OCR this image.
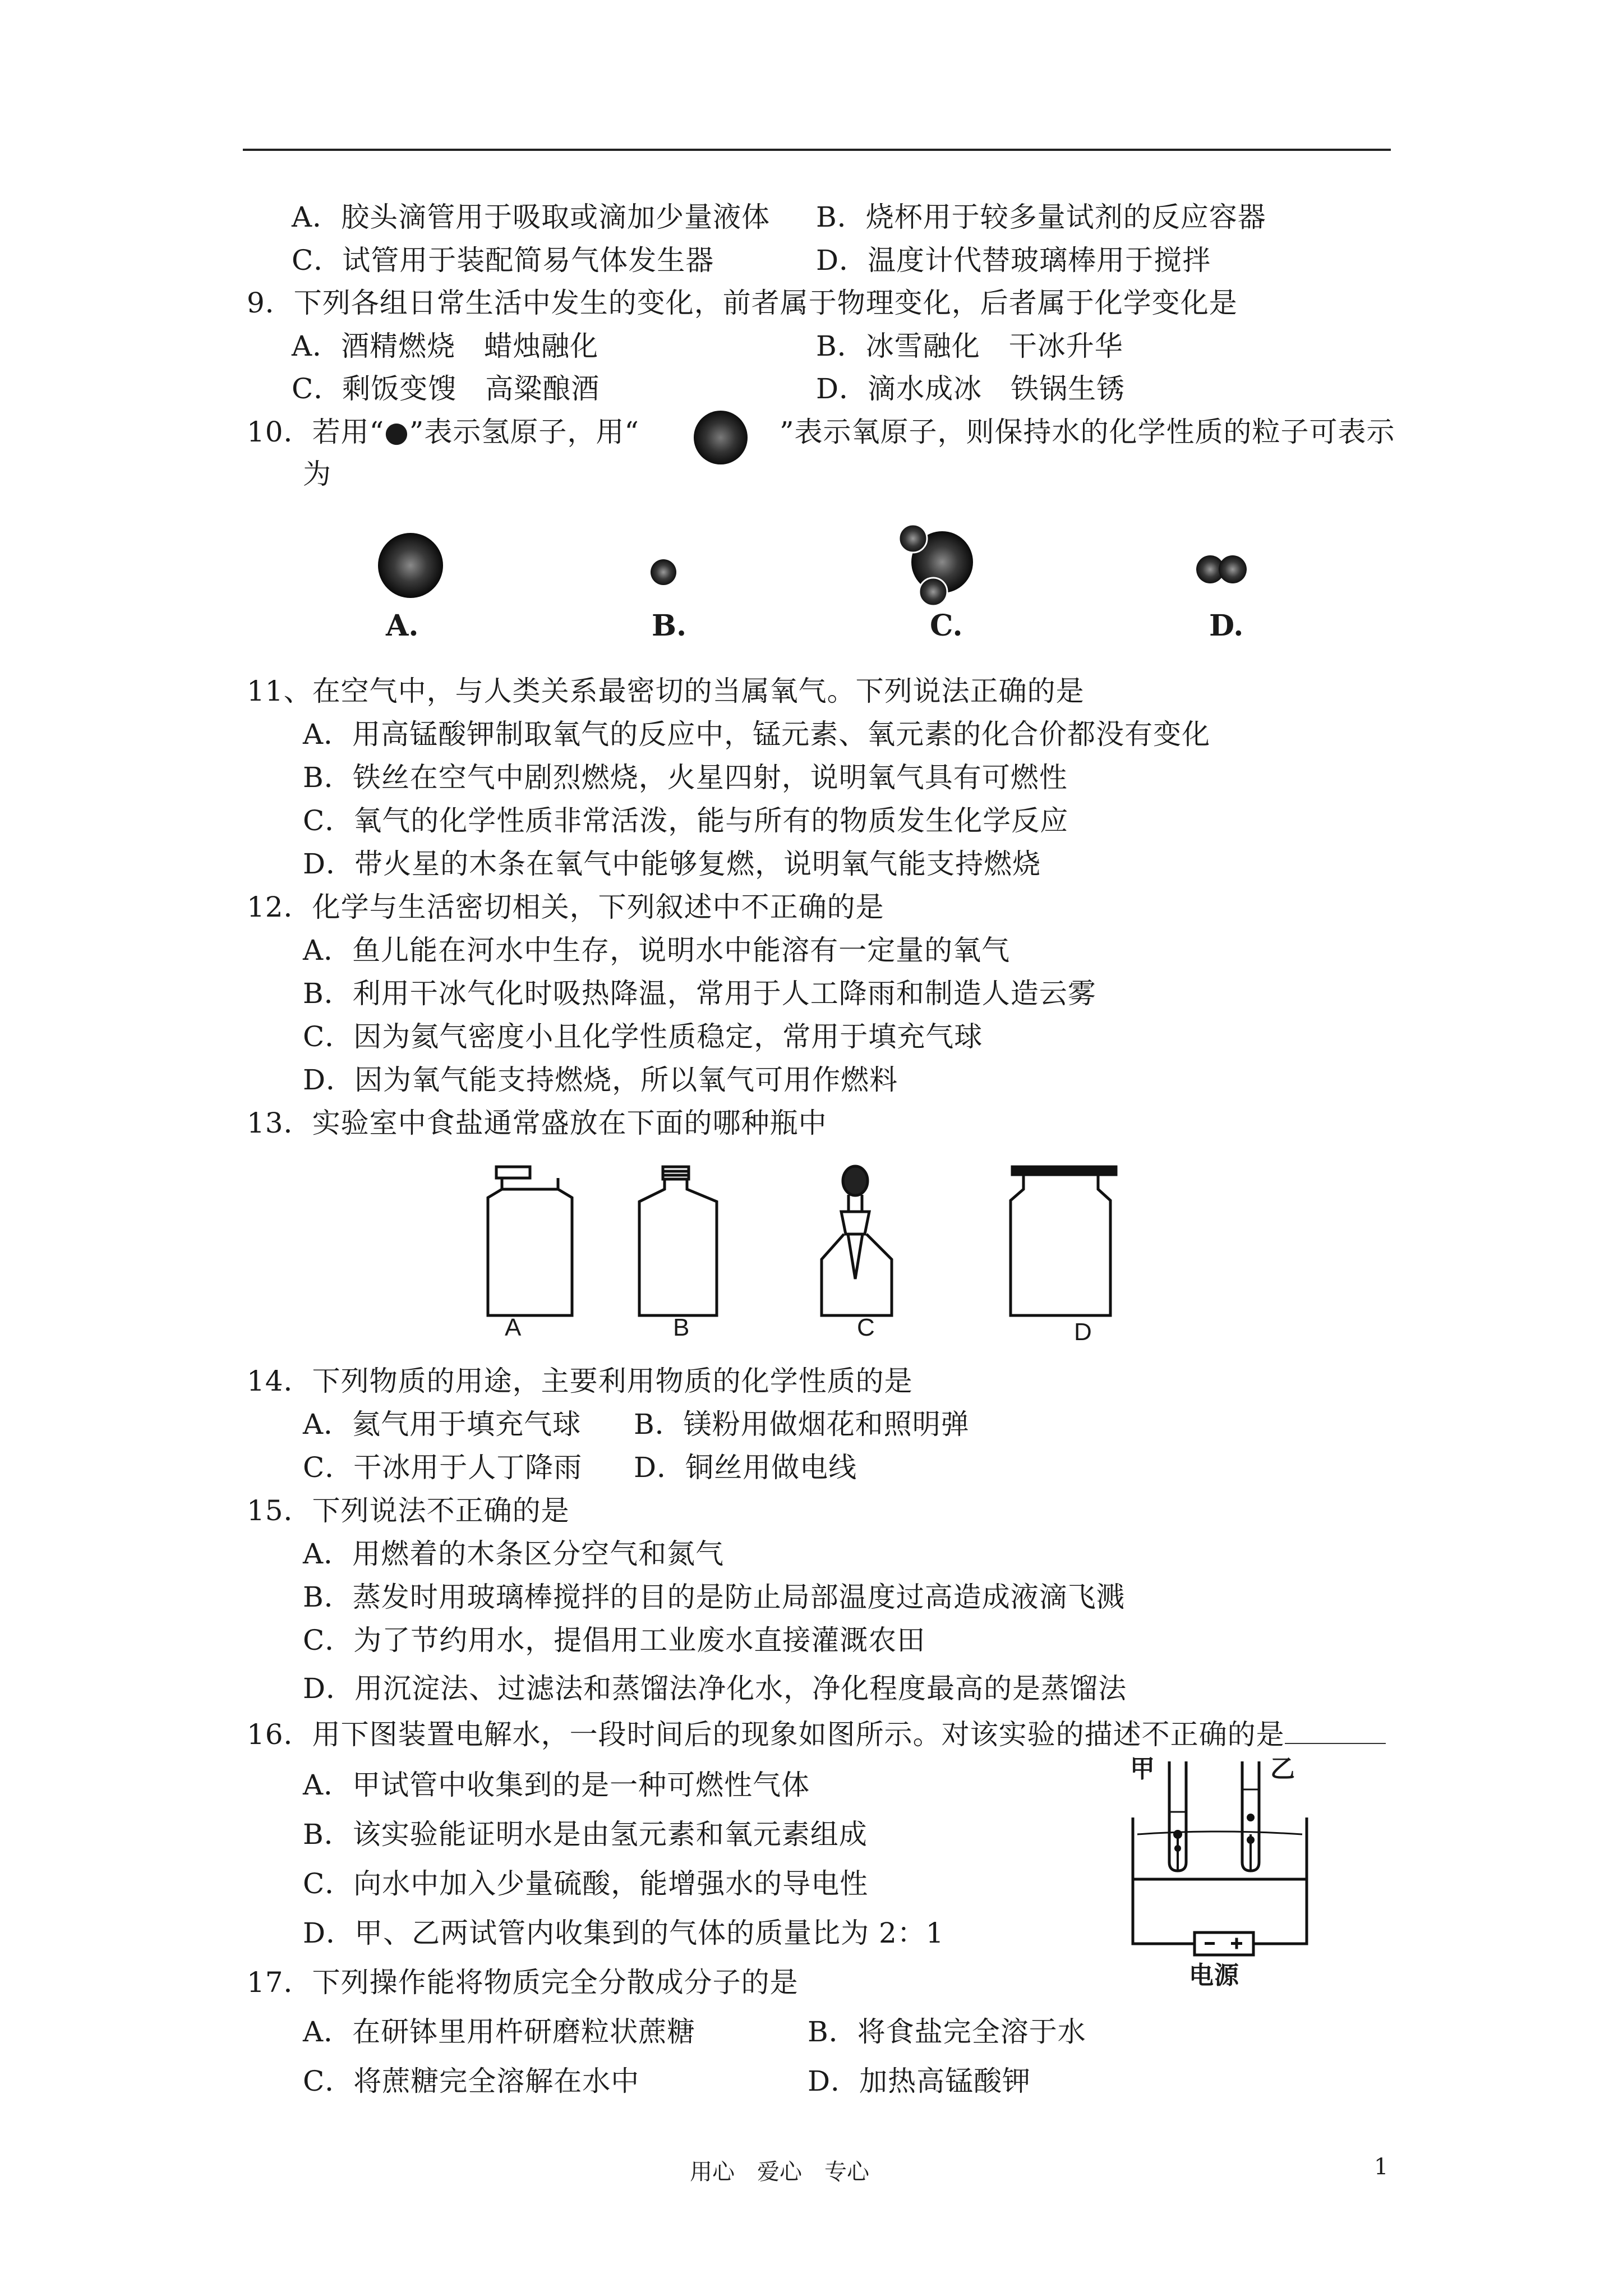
A．胶头滴管用于吸取或滴加少量液体 B．烧杯用于较多量试剂的反应容器
C．试管用于装配简易气体发生器	D．温度计代替玻璃棒用于搅拌
9．下列各组日常生活中发生的变化，前者属于物理变化，后者属于化学变化是
A．酒精燃烧　蜡烛融化	B．冰雪融化　干冰升华
C．剩饭变馊　高粱酿酒	D．滴水成冰　铁锅生锈
10．若用“●”表示氢原子，用“	”表示氧原子，则保持水的化学性质的粒子可表示
为
A.	B.	C.	D.
11、在空气中，与人类关系最密切的当属氧气。下列说法正确的是
A．用高锰酸钾制取氧气的反应中，锰元素、氧元素的化合价都没有变化
B．铁丝在空气中剧烈燃烧，火星四射，说明氧气具有可燃性
C．氧气的化学性质非常活泼，能与所有的物质发生化学反应
D．带火星的木条在氧气中能够复燃，说明氧气能支持燃烧
12．化学与生活密切相关，下列叙述中不正确的是
A．鱼儿能在河水中生存，说明水中能溶有一定量的氧气
B．利用干冰气化时吸热降温，常用于人工降雨和制造人造云雾
C．因为氦气密度小且化学性质稳定，常用于填充气球
D．因为氧气能支持燃烧，所以氧气可用作燃料
13．实验室中食盐通常盛放在下面的哪种瓶中
A	B	C	D
14．下列物质的用途，主要利用物质的化学性质的是
A．氦气用于填充气球 B．镁粉用做烟花和照明弹
C．干冰用于人丁降雨 D．铜丝用做电线
15．下列说法不正确的是
A．用燃着的木条区分空气和氮气
B．蒸发时用玻璃棒搅拌的目的是防止局部温度过高造成液滴飞溅
C．为了节约用水，提倡用工业废水直接灌溉农田
D．用沉淀法、过滤法和蒸馏法净化水，净化程度最高的是蒸馏法
16．用下图装置电解水，一段时间后的现象如图所示。对该实验的描述不正确的是
A．甲试管中收集到的是一种可燃性气体
B．该实验能证明水是由氢元素和氧元素组成
C．向水中加入少量硫酸，能增强水的导电性
D．甲、乙两试管内收集到的气体的质量比为 2：1
甲	乙
电源
17．下列操作能将物质完全分散成分子的是
A．在研钵里用杵研磨粒状蔗糖	B．将食盐完全溶于水
C．将蔗糖完全溶解在水中	D．加热高锰酸钾
用心　爱心　专心	1
